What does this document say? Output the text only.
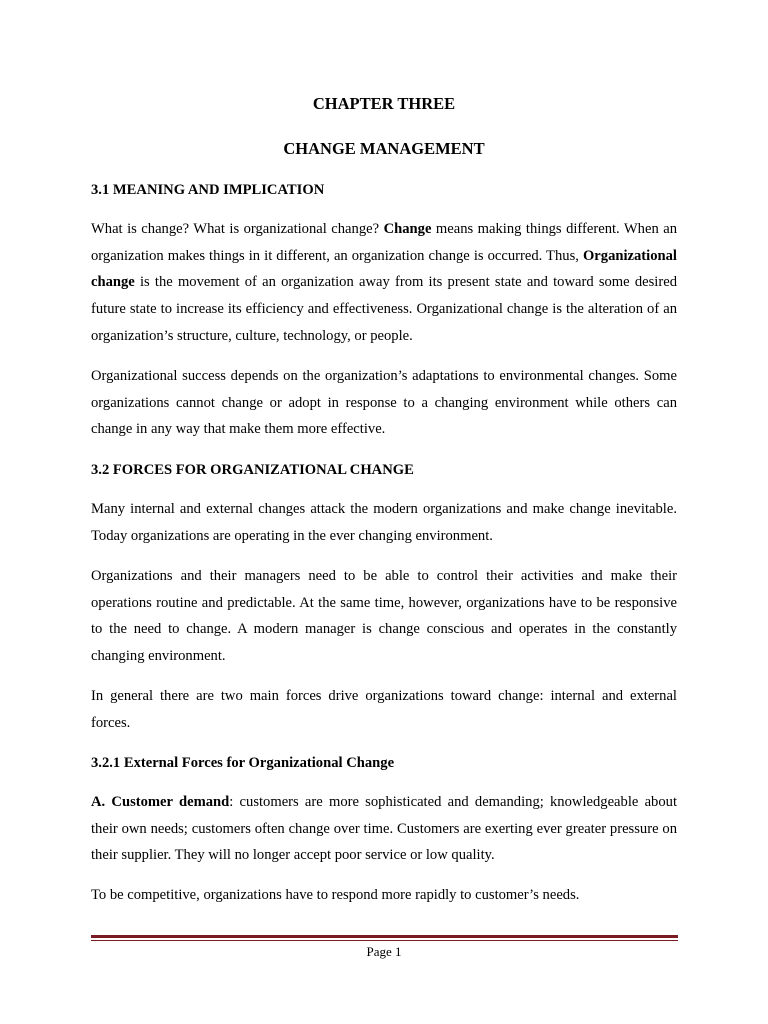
CHAPTER THREE
CHANGE MANAGEMENT
3.1 MEANING AND IMPLICATION

What is change? What is organizational change? Change means making things different. When an organization makes things in it different, an organization change is occurred. Thus, Organizational change is the movement of an organization away from its present state and toward some desired future state to increase its efficiency and effectiveness. Organizational change is the alteration of an organization’s structure, culture, technology, or people.

Organizational success depends on the organization’s adaptations to environmental changes. Some organizations cannot change or adopt in response to a changing environment while others can change in any way that make them more effective.

3.2 FORCES FOR ORGANIZATIONAL CHANGE

Many internal and external changes attack the modern organizations and make change inevitable. Today organizations are operating in the ever changing environment.

Organizations and their managers need to be able to control their activities and make their operations routine and predictable. At the same time, however, organizations have to be responsive to the need to change. A modern manager is change conscious and operates in the constantly changing environment.

In general there are two main forces drive organizations toward change: internal and external forces.

3.2.1 External Forces for Organizational Change

A. Customer demand: customers are more sophisticated and demanding; knowledgeable about their own needs; customers often change over time. Customers are exerting ever greater pressure on their supplier. They will no longer accept poor service or low quality.

To be competitive, organizations have to respond more rapidly to customer’s needs.

Page 1
